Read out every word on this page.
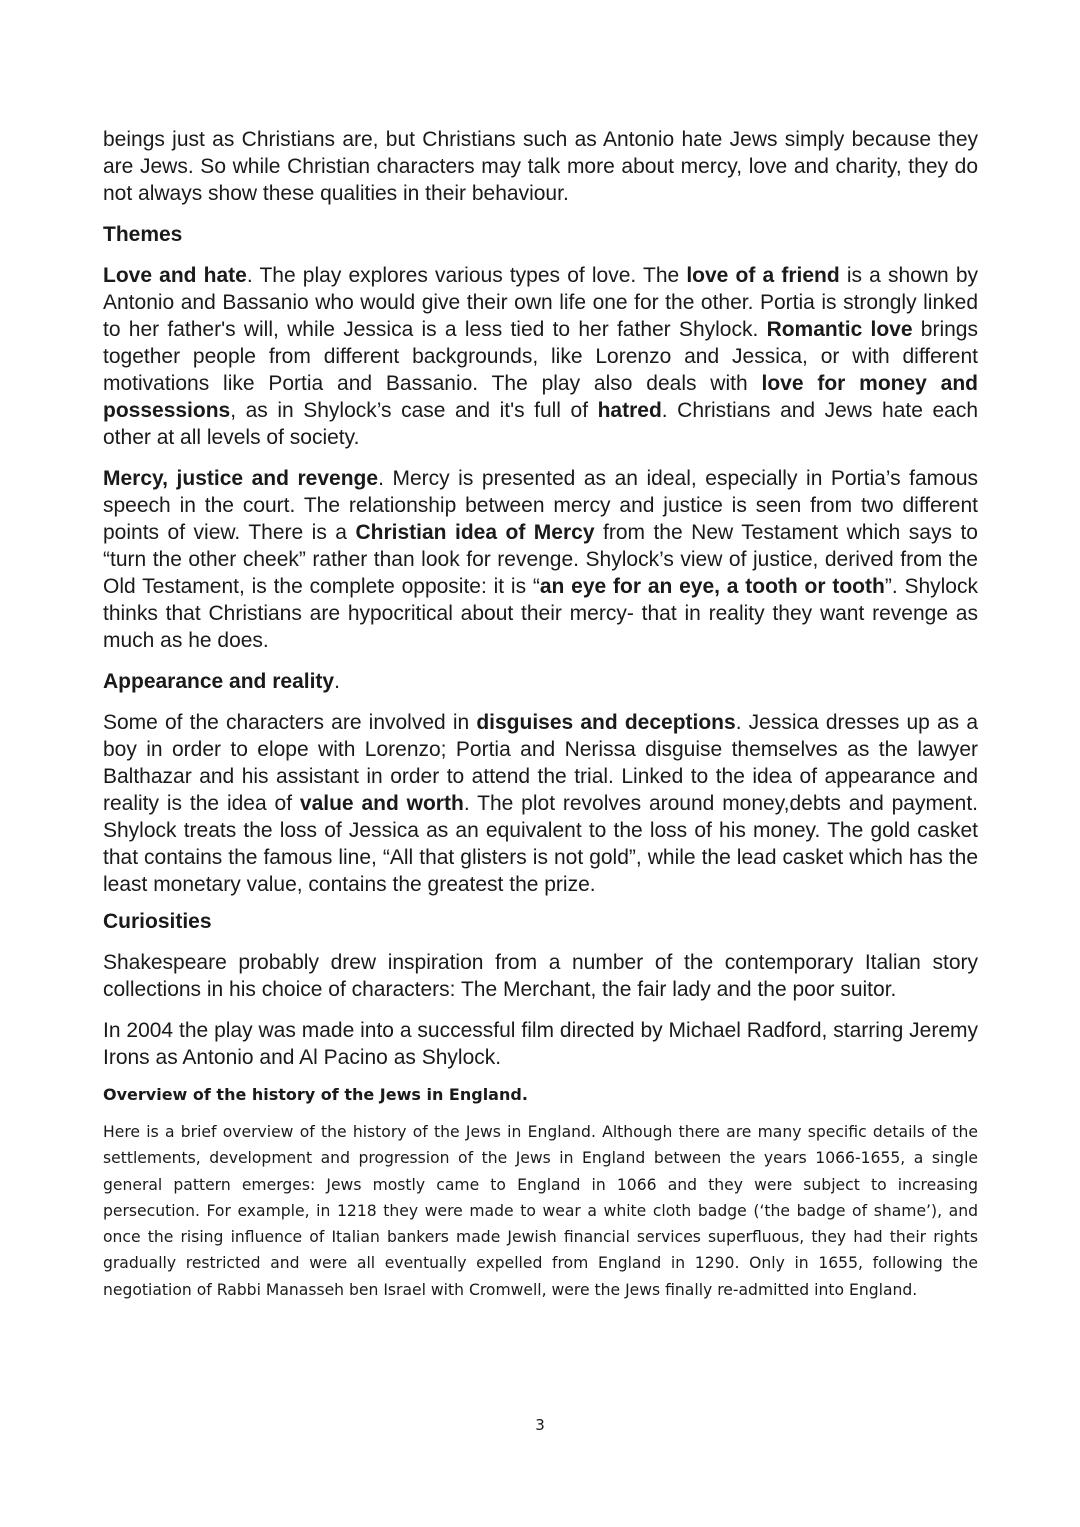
beings just as Christians are, but Christians such as Antonio hate Jews simply because they are Jews. So while Christian characters may talk more about mercy, love and charity, they do not always show these qualities in their behaviour.

Themes

Love and hate. The play explores various types of love. The love of a friend is a shown by Antonio and Bassanio who would give their own life one for the other. Portia is strongly linked to her father's will, while Jessica is a less tied to her father Shylock. Romantic love brings together people from different backgrounds, like Lorenzo and Jessica, or with different motivations like Portia and Bassanio. The play also deals with love for money and possessions, as in Shylock’s case and it's full of hatred. Christians and Jews hate each other at all levels of society.

Mercy, justice and revenge. Mercy is presented as an ideal, especially in Portia’s famous speech in the court. The relationship between mercy and justice is seen from two different points of view. There is a Christian idea of Mercy from the New Testament which says to “turn the other cheek” rather than look for revenge. Shylock’s view of justice, derived from the Old Testament, is the complete opposite: it is “an eye for an eye, a tooth or tooth”. Shylock thinks that Christians are hypocritical about their mercy- that in reality they want revenge as much as he does.

Appearance and reality.

Some of the characters are involved in disguises and deceptions. Jessica dresses up as a boy in order to elope with Lorenzo; Portia and Nerissa disguise themselves as the lawyer Balthazar and his assistant in order to attend the trial. Linked to the idea of appearance and reality is the idea of value and worth. The plot revolves around money,debts and payment. Shylock treats the loss of Jessica as an equivalent to the loss of his money. The gold casket that contains the famous line, “All that glisters is not gold”, while the lead casket which has the least monetary value, contains the greatest the prize.

Curiosities

Shakespeare probably drew inspiration from a number of the contemporary Italian story collections in his choice of characters: The Merchant, the fair lady and the poor suitor.

In 2004 the play was made into a successful film directed by Michael Radford, starring Jeremy Irons as Antonio and Al Pacino as Shylock.

Overview of the history of the Jews in England.

Here is a brief overview of the history of the Jews in England. Although there are many specific details of the settlements, development and progression of the Jews in England between the years 1066-1655, a single general pattern emerges: Jews mostly came to England in 1066 and they were subject to increasing persecution. For example, in 1218 they were made to wear a white cloth badge (‘the badge of shame’), and once the rising influence of Italian bankers made Jewish financial services superfluous, they had their rights gradually restricted and were all eventually expelled from England in 1290. Only in 1655, following the negotiation of Rabbi Manasseh ben Israel with Cromwell, were the Jews finally re-admitted into England.

3
